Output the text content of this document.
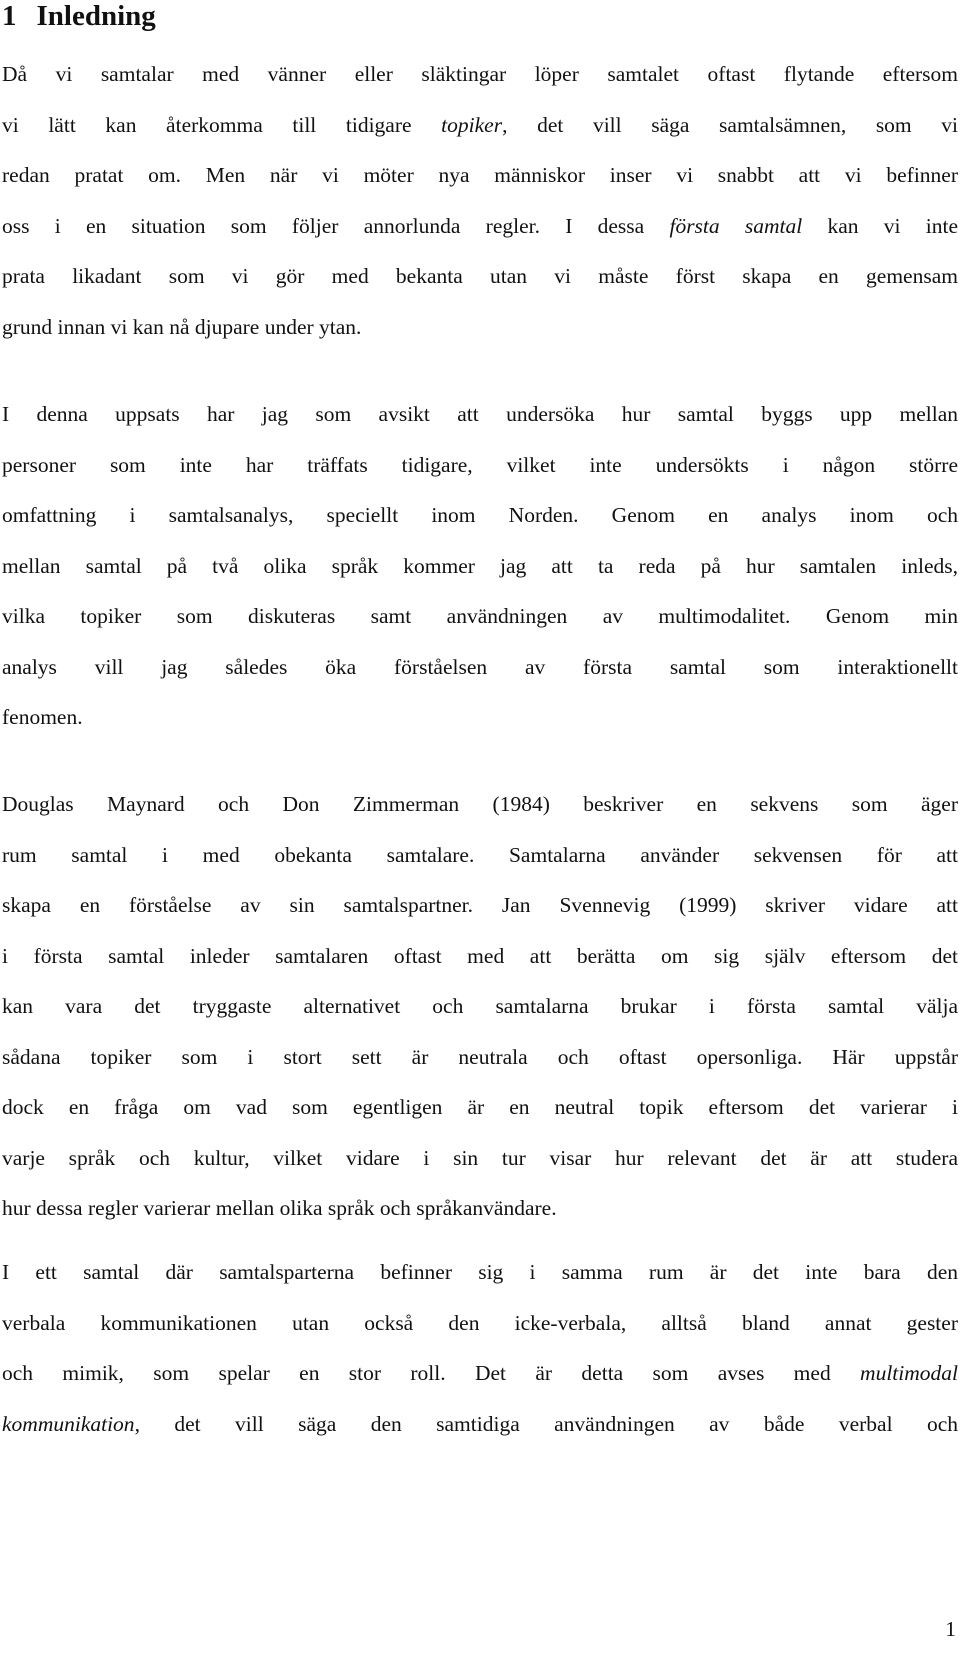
1 Inledning
Då vi samtalar med vänner eller släktingar löper samtalet oftast flytande eftersom
vi lätt kan återkomma till tidigare topiker, det vill säga samtalsämnen, som vi
redan pratat om. Men när vi möter nya människor inser vi snabbt att vi befinner
oss i en situation som följer annorlunda regler. I dessa första samtal kan vi inte
prata likadant som vi gör med bekanta utan vi måste först skapa en gemensam
grund innan vi kan nå djupare under ytan.
I denna uppsats har jag som avsikt att undersöka hur samtal byggs upp mellan
personer som inte har träffats tidigare, vilket inte undersökts i någon större
omfattning i samtalsanalys, speciellt inom Norden. Genom en analys inom och
mellan samtal på två olika språk kommer jag att ta reda på hur samtalen inleds,
vilka topiker som diskuteras samt användningen av multimodalitet. Genom min
analys vill jag således öka förståelsen av första samtal som interaktionellt
fenomen.
Douglas Maynard och Don Zimmerman (1984) beskriver en sekvens som äger
rum samtal i med obekanta samtalare. Samtalarna använder sekvensen för att
skapa en förståelse av sin samtalspartner. Jan Svennevig (1999) skriver vidare att
i första samtal inleder samtalaren oftast med att berätta om sig själv eftersom det
kan vara det tryggaste alternativet och samtalarna brukar i första samtal välja
sådana topiker som i stort sett är neutrala och oftast opersonliga. Här uppstår
dock en fråga om vad som egentligen är en neutral topik eftersom det varierar i
varje språk och kultur, vilket vidare i sin tur visar hur relevant det är att studera
hur dessa regler varierar mellan olika språk och språkanvändare.
I ett samtal där samtalsparterna befinner sig i samma rum är det inte bara den
verbala kommunikationen utan också den icke-verbala, alltså bland annat gester
och mimik, som spelar en stor roll. Det är detta som avses med multimodal
kommunikation, det vill säga den samtidiga användningen av både verbal och
1
